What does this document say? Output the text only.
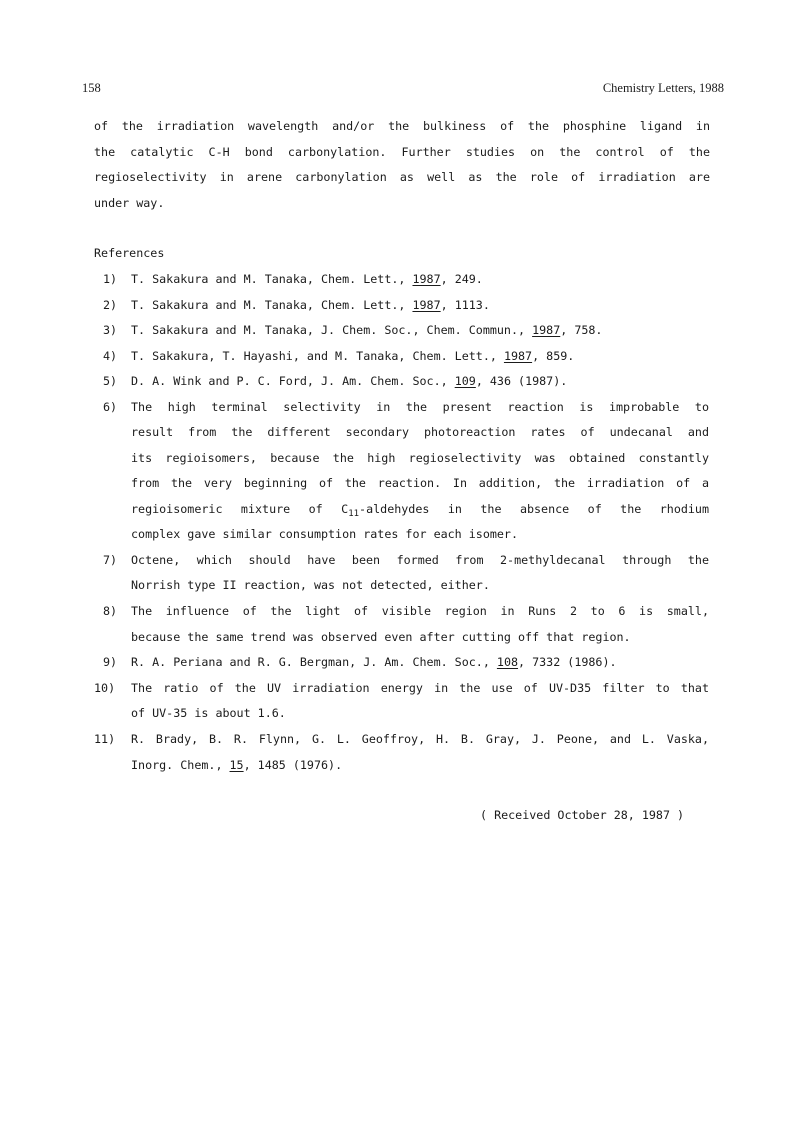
158	Chemistry Letters, 1988
of the irradiation wavelength and/or the bulkiness of the phosphine ligand in
the catalytic C-H bond carbonylation. Further studies on the control of the
regioselectivity in arene carbonylation as well as the role of irradiation are
under way.
References
1) T. Sakakura and M. Tanaka, Chem. Lett., 1987, 249.
2) T. Sakakura and M. Tanaka, Chem. Lett., 1987, 1113.
3) T. Sakakura and M. Tanaka, J. Chem. Soc., Chem. Commun., 1987, 758.
4) T. Sakakura, T. Hayashi, and M. Tanaka, Chem. Lett., 1987, 859.
5) D. A. Wink and P. C. Ford, J. Am. Chem. Soc., 109, 436 (1987).
6) The high terminal selectivity in the present reaction is improbable to
result from the different secondary photoreaction rates of undecanal and
its regioisomers, because the high regioselectivity was obtained constantly
from the very beginning of the reaction. In addition, the irradiation of a
regioisomeric mixture of $C_{11}$-aldehydes in the absence of the rhodium
complex gave similar consumption rates for each isomer.
7) Octene, which should have been formed from 2-methyldecanal through the
Norrish type II reaction, was not detected, either.
8) The influence of the light of visible region in Runs 2 to 6 is small,
because the same trend was observed even after cutting off that region.
9) R. A. Periana and R. G. Bergman, J. Am. Chem. Soc., 108, 7332 (1986).
10) The ratio of the UV irradiation energy in the use of UV-D35 filter to that
of UV-35 is about 1.6.
11) R. Brady, B. R. Flynn, G. L. Geoffroy, H. B. Gray, J. Peone, and L. Vaska,
Inorg. Chem., 15, 1485 (1976).
( Received October 28, 1987 )
